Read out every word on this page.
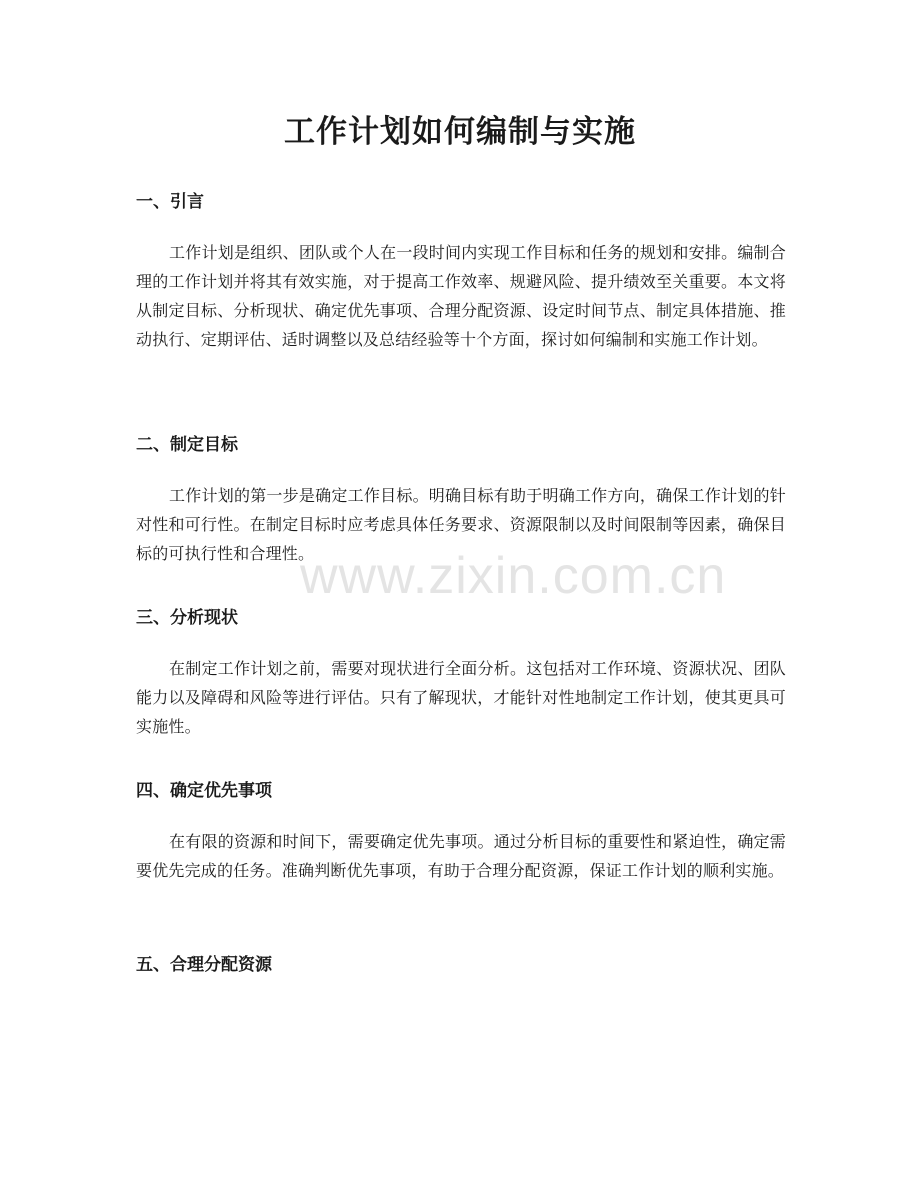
工作计划如何编制与实施
一、引言

工作计划是组织、团队或个人在一段时间内实现工作目标和任务的规划和安排。编制合理的工作计划并将其有效实施，对于提高工作效率、规避风险、提升绩效至关重要。本文将从制定目标、分析现状、确定优先事项、合理分配资源、设定时间节点、制定具体措施、推动执行、定期评估、适时调整以及总结经验等十个方面，探讨如何编制和实施工作计划。

二、制定目标

工作计划的第一步是确定工作目标。明确目标有助于明确工作方向，确保工作计划的针对性和可行性。在制定目标时应考虑具体任务要求、资源限制以及时间限制等因素，确保目标的可执行性和合理性。

三、分析现状

在制定工作计划之前，需要对现状进行全面分析。这包括对工作环境、资源状况、团队能力以及障碍和风险等进行评估。只有了解现状，才能针对性地制定工作计划，使其更具可实施性。

四、确定优先事项

在有限的资源和时间下，需要确定优先事项。通过分析目标的重要性和紧迫性，确定需要优先完成的任务。准确判断优先事项，有助于合理分配资源，保证工作计划的顺利实施。

五、合理分配资源
www.zixin.com.cn
